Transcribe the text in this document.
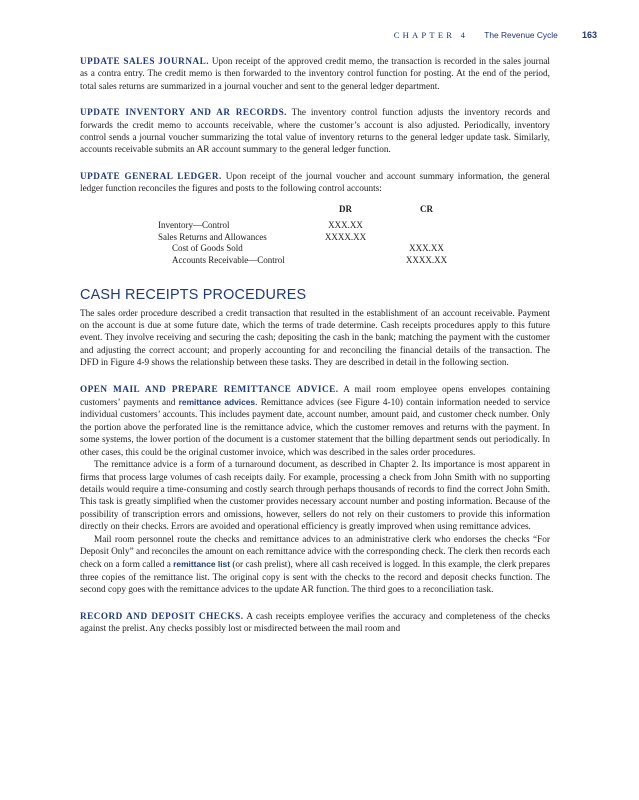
CHAPTER 4 The Revenue Cycle	163

UPDATE SALES JOURNAL. Upon receipt of the approved credit memo, the transaction is recorded in the sales journal as a contra entry. The credit memo is then forwarded to the inventory control function for posting. At the end of the period, total sales returns are summarized in a journal voucher and sent to the general ledger department.

UPDATE INVENTORY AND AR RECORDS. The inventory control function adjusts the inventory records and forwards the credit memo to accounts receivable, where the customer’s account is also adjusted. Periodically, inventory control sends a journal voucher summarizing the total value of inventory returns to the general ledger update task. Similarly, accounts receivable submits an AR account summary to the general ledger function.

UPDATE GENERAL LEDGER. Upon receipt of the journal voucher and account summary information, the general ledger function reconciles the figures and posts to the following control accounts:

	DR	CR
Inventory—Control	XXX.XX	
Sales Returns and Allowances	XXXX.XX	
Cost of Goods Sold		XXX.XX
Accounts Receivable—Control		XXXX.XX
CASH RECEIPTS PROCEDURES

The sales order procedure described a credit transaction that resulted in the establishment of an account receivable. Payment on the account is due at some future date, which the terms of trade determine. Cash receipts procedures apply to this future event. They involve receiving and securing the cash; depositing the cash in the bank; matching the payment with the customer and adjusting the correct account; and properly accounting for and reconciling the financial details of the transaction. The DFD in Figure 4-9 shows the relationship between these tasks. They are described in detail in the following section.

OPEN MAIL AND PREPARE REMITTANCE ADVICE. A mail room employee opens envelopes containing customers’ payments and remittance advices. Remittance advices (see Figure 4-10) contain information needed to service individual customers’ accounts. This includes payment date, account number, amount paid, and customer check number. Only the portion above the perforated line is the remittance advice, which the customer removes and returns with the payment. In some systems, the lower portion of the document is a customer statement that the billing department sends out periodically. In other cases, this could be the original customer invoice, which was described in the sales order procedures.

The remittance advice is a form of a turnaround document, as described in Chapter 2. Its importance is most apparent in firms that process large volumes of cash receipts daily. For example, processing a check from John Smith with no supporting details would require a time-consuming and costly search through perhaps thousands of records to find the correct John Smith. This task is greatly simplified when the customer provides necessary account number and posting information. Because of the possibility of transcription errors and omissions, however, sellers do not rely on their customers to provide this information directly on their checks. Errors are avoided and operational efficiency is greatly improved when using remittance advices.

Mail room personnel route the checks and remittance advices to an administrative clerk who endorses the checks “For Deposit Only” and reconciles the amount on each remittance advice with the corresponding check. The clerk then records each check on a form called a remittance list (or cash prelist), where all cash received is logged. In this example, the clerk prepares three copies of the remittance list. The original copy is sent with the checks to the record and deposit checks function. The second copy goes with the remittance advices to the update AR function. The third goes to a reconciliation task.

RECORD AND DEPOSIT CHECKS. A cash receipts employee verifies the accuracy and completeness of the checks against the prelist. Any checks possibly lost or misdirected between the mail room and
